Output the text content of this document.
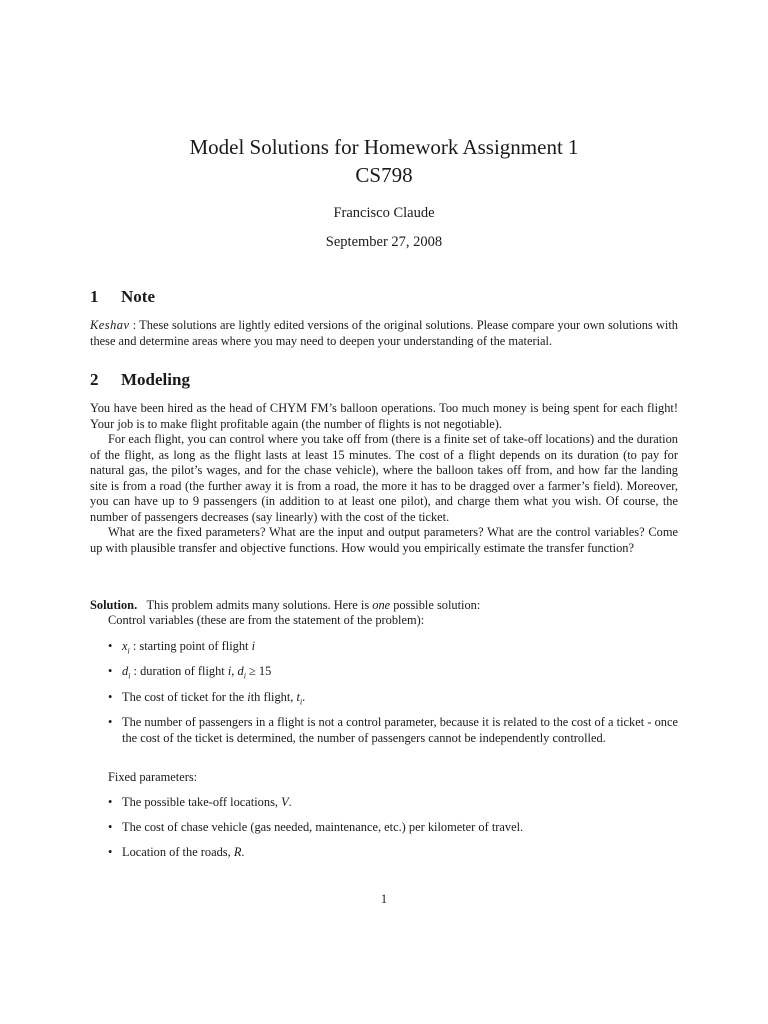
Model Solutions for Homework Assignment 1
CS798
Francisco Claude
September 27, 2008
1 Note

Keshav : These solutions are lightly edited versions of the original solutions. Please compare your own solutions with these and determine areas where you may need to deepen your understanding of the material.

2 Modeling

You have been hired as the head of CHYM FM’s balloon operations. Too much money is being spent for each flight! Your job is to make flight profitable again (the number of flights is not negotiable).

For each flight, you can control where you take off from (there is a finite set of take-off locations) and the duration of the flight, as long as the flight lasts at least 15 minutes. The cost of a flight depends on its duration (to pay for natural gas, the pilot’s wages, and for the chase vehicle), where the balloon takes off from, and how far the landing site is from a road (the further away it is from a road, the more it has to be dragged over a farmer’s field). Moreover, you can have up to 9 passengers (in addition to at least one pilot), and charge them what you wish. Of course, the number of passengers decreases (say linearly) with the cost of the ticket.

What are the fixed parameters? What are the input and output parameters? What are the control variables? Come up with plausible transfer and objective functions. How would you empirically estimate the transfer function?

Solution. This problem admits many solutions. Here is one possible solution:

Control variables (these are from the statement of the problem):
• $x_i$ : starting point of flight i
• $d_i$ : duration of flight i, $d_i \ge 15$
• The cost of ticket for the ith flight, $t_i$.
• The number of passengers in a flight is not a control parameter, because it is related to the cost of a ticket - once the cost of the ticket is determined, the number of passengers cannot be independently controlled.
Fixed parameters:
• The possible take-off locations, V.
• The cost of chase vehicle (gas needed, maintenance, etc.) per kilometer of travel.
• Location of the roads, R.
1
